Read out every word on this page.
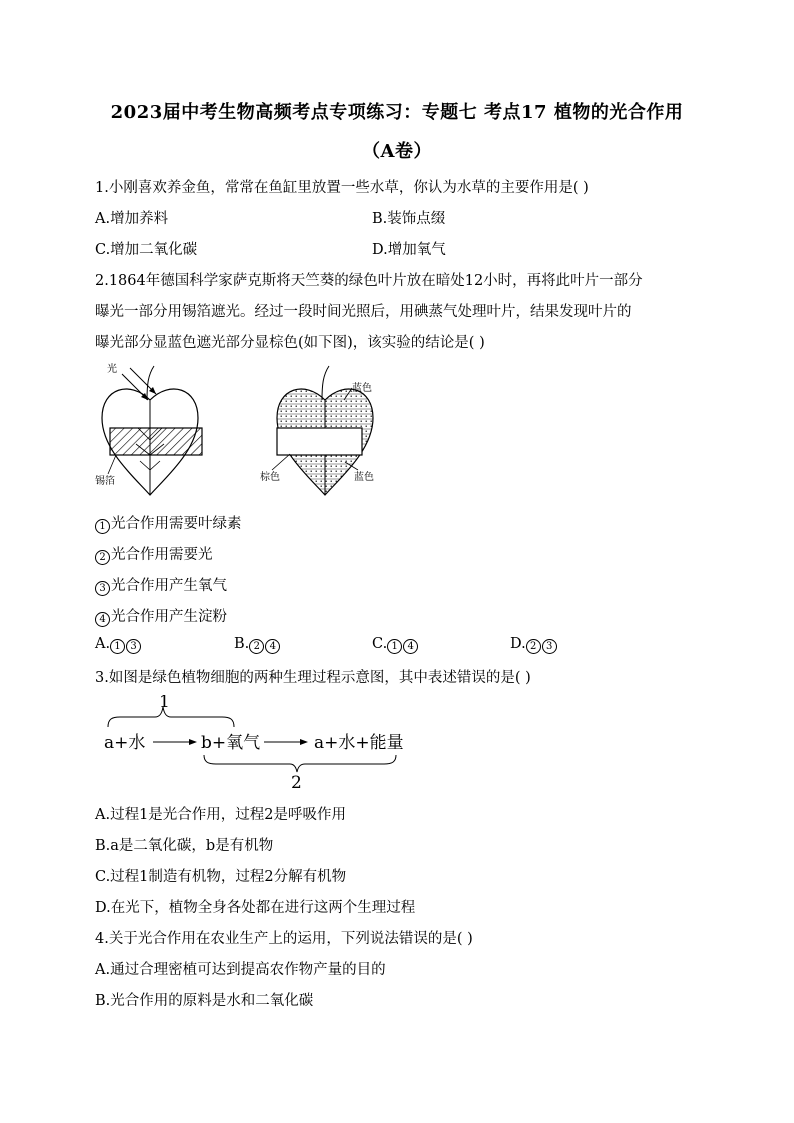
2023届中考生物高频考点专项练习：专题七 考点17 植物的光合作用
（A卷）
1.小刚喜欢养金鱼，常常在鱼缸里放置一些水草，你认为水草的主要作用是( )
A.增加养料	B.装饰点缀
C.增加二氧化碳	D.增加氧气
2.1864年德国科学家萨克斯将天竺葵的绿色叶片放在暗处12小时，再将此叶片一部分
曝光一部分用锡箔遮光。经过一段时间光照后，用碘蒸气处理叶片，结果发现叶片的
曝光部分显蓝色遮光部分显棕色(如下图)，该实验的结论是( )
光
锡箔
蓝色
棕色	蓝色
1 光合作用需要叶绿素
2 光合作用需要光
3 光合作用产生氧气
4 光合作用产生淀粉
A. 1 3	B. 2 4	C. 1 4	D. 2 3
3.如图是绿色植物细胞的两种生理过程示意图，其中表述错误的是( )
1
a+水	b+氧气	a+水+能量
2
A.过程1是光合作用，过程2是呼吸作用
B.a是二氧化碳，b是有机物
C.过程1制造有机物，过程2分解有机物
D.在光下，植物全身各处都在进行这两个生理过程
4.关于光合作用在农业生产上的运用，下列说法错误的是( )
A.通过合理密植可达到提高农作物产量的目的
B.光合作用的原料是水和二氧化碳
